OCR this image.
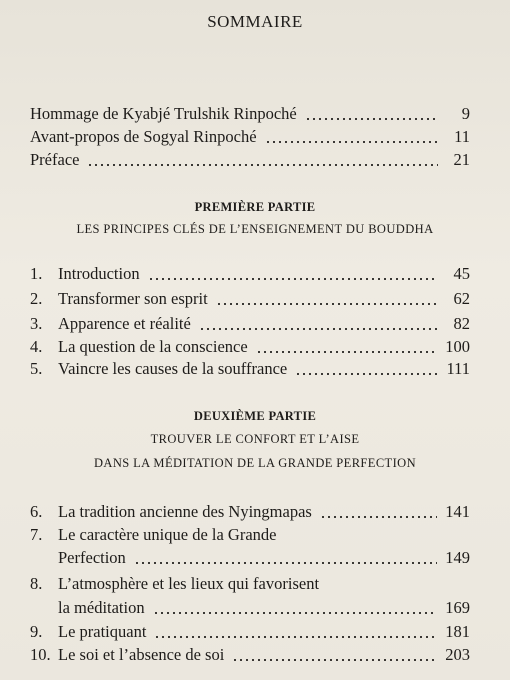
SOMMAIRE
Hommage de Kyabjé Trulshik Rinpoché	9
Avant-propos de Sogyal Rinpoché	11
Préface	21
PREMIÈRE PARTIE
LES PRINCIPES CLÉS DE L’ENSEIGNEMENT DU BOUDDHA
1. Introduction	45
2. Transformer son esprit	62
3. Apparence et réalité	82
4. La question de la conscience	100
5. Vaincre les causes de la souffrance	111
DEUXIÈME PARTIE
TROUVER LE CONFORT ET L’AISE
DANS LA MÉDITATION DE LA GRANDE PERFECTION
6. La tradition ancienne des Nyingmapas	141
7. Le caractère unique de la Grande
Perfection	149
8. L’atmosphère et les lieux qui favorisent
la méditation	169
9. Le pratiquant	181
10. Le soi et l’absence de soi	203
